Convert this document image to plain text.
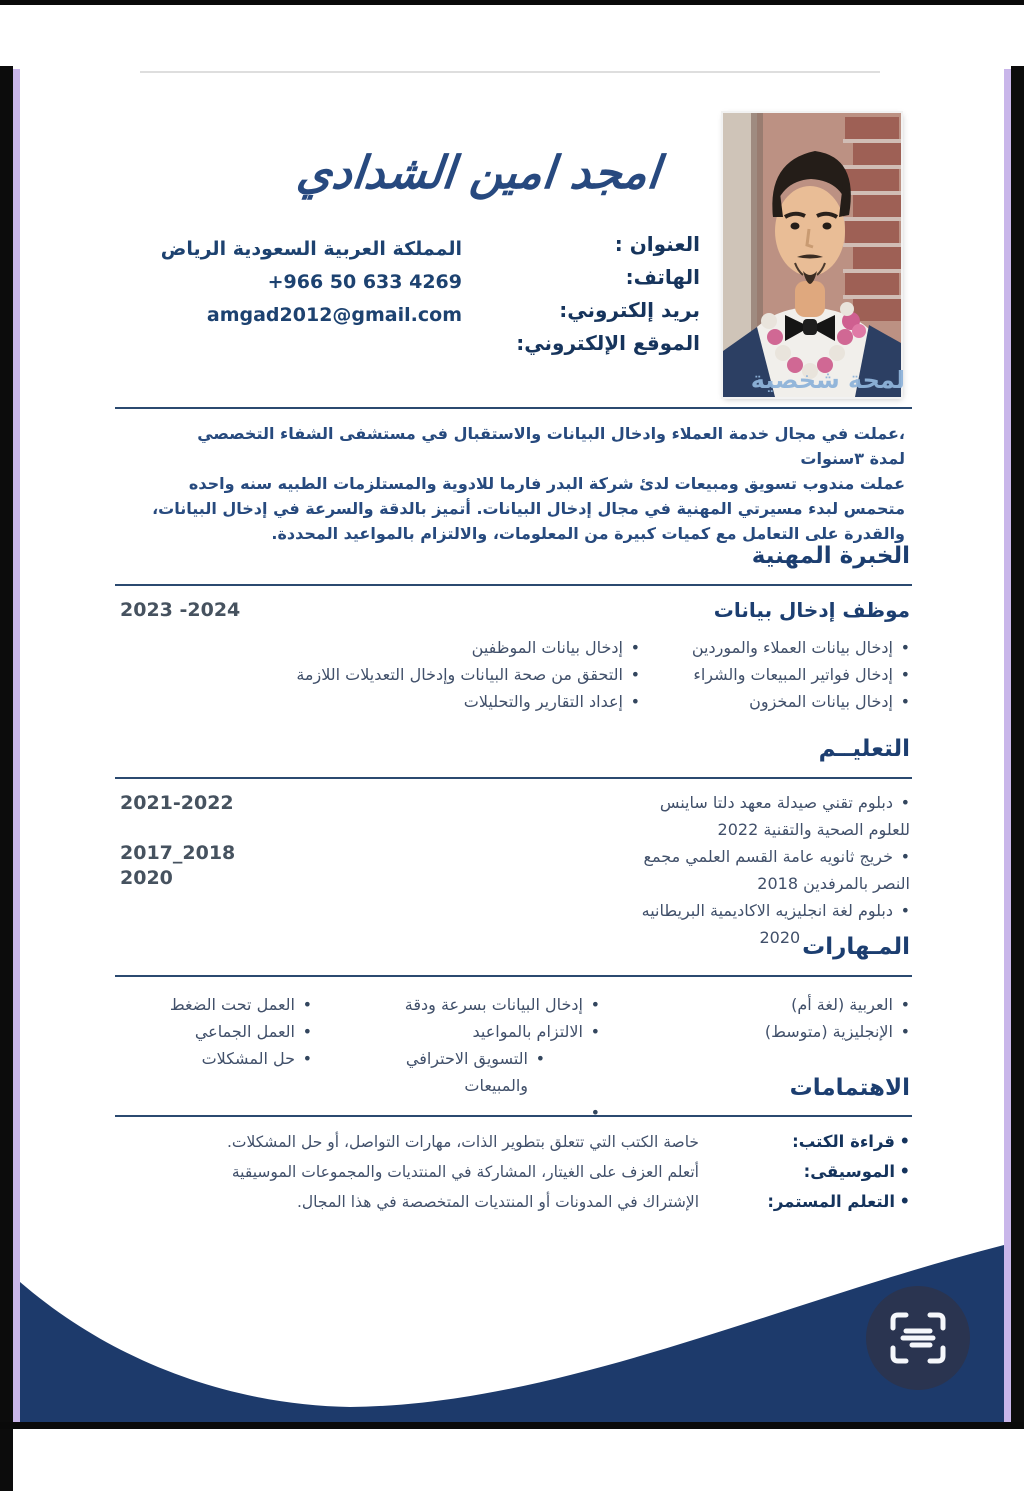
امجد امين الشدادي
العنوان :
الهاتف:
بريد إلكتروني:
الموقع الإلكتروني:
المملكة العربية السعودية الرياض
+966 50 633 4269
amgad2012@gmail.com
لمحة شخصية
،عملت في مجال خدمة العملاء وادخال البيانات والاستقبال في مستشفى الشفاء التخصصي
لمدة ٣سنوات
عملت مندوب تسويق ومبيعات لدئ شركة البدر فارما للادوية والمستلزمات الطبيه سنه واحده
متحمس لبدء مسيرتي المهنية في مجال إدخال البيانات. أتميز بالدقة والسرعة في إدخال البيانات،
والقدرة على التعامل مع كميات كبيرة من المعلومات، والالتزام بالمواعيد المحددة.
الخبرة المهنية
موظف إدخال بيانات
2023 -2024
• إدخال بيانات العملاء والموردين
• إدخال فواتير المبيعات والشراء
• إدخال بيانات المخزون
• إدخال بيانات الموظفين
• التحقق من صحة البيانات وإدخال التعديلات اللازمة
• إعداد التقارير والتحليلات
التعليــم
• دبلوم تقني صيدلة معهد دلتا ساينس
للعلوم الصحية والتقنية 2022
• خريج ثانويه عامة القسم العلمي مجمع
النصر بالمرفدين 2018
• دبلوم لغة انجليزيه الاكاديمية البريطانيه
2020
2021-2022
2017_2018
2020
المـهارات
• العربية (لغة أم)
• الإنجليزية (متوسط)
• إدخال البيانات بسرعة ودقة
• الالتزام بالمواعيد
• التسويق الاحترافي والمبيعات
• العمل تحت الضغط
• العمل الجماعي
• حل المشكلات
الاهتمامات
• قراءة الكتب:
خاصة الكتب التي تتعلق بتطوير الذات، مهارات التواصل، أو حل المشكلات.
• الموسيقى:
أتعلم العزف على الغيتار، المشاركة في المنتديات والمجموعات الموسيقية
• التعلم المستمر:
الإشتراك في المدونات أو المنتديات المتخصصة في هذا المجال.
